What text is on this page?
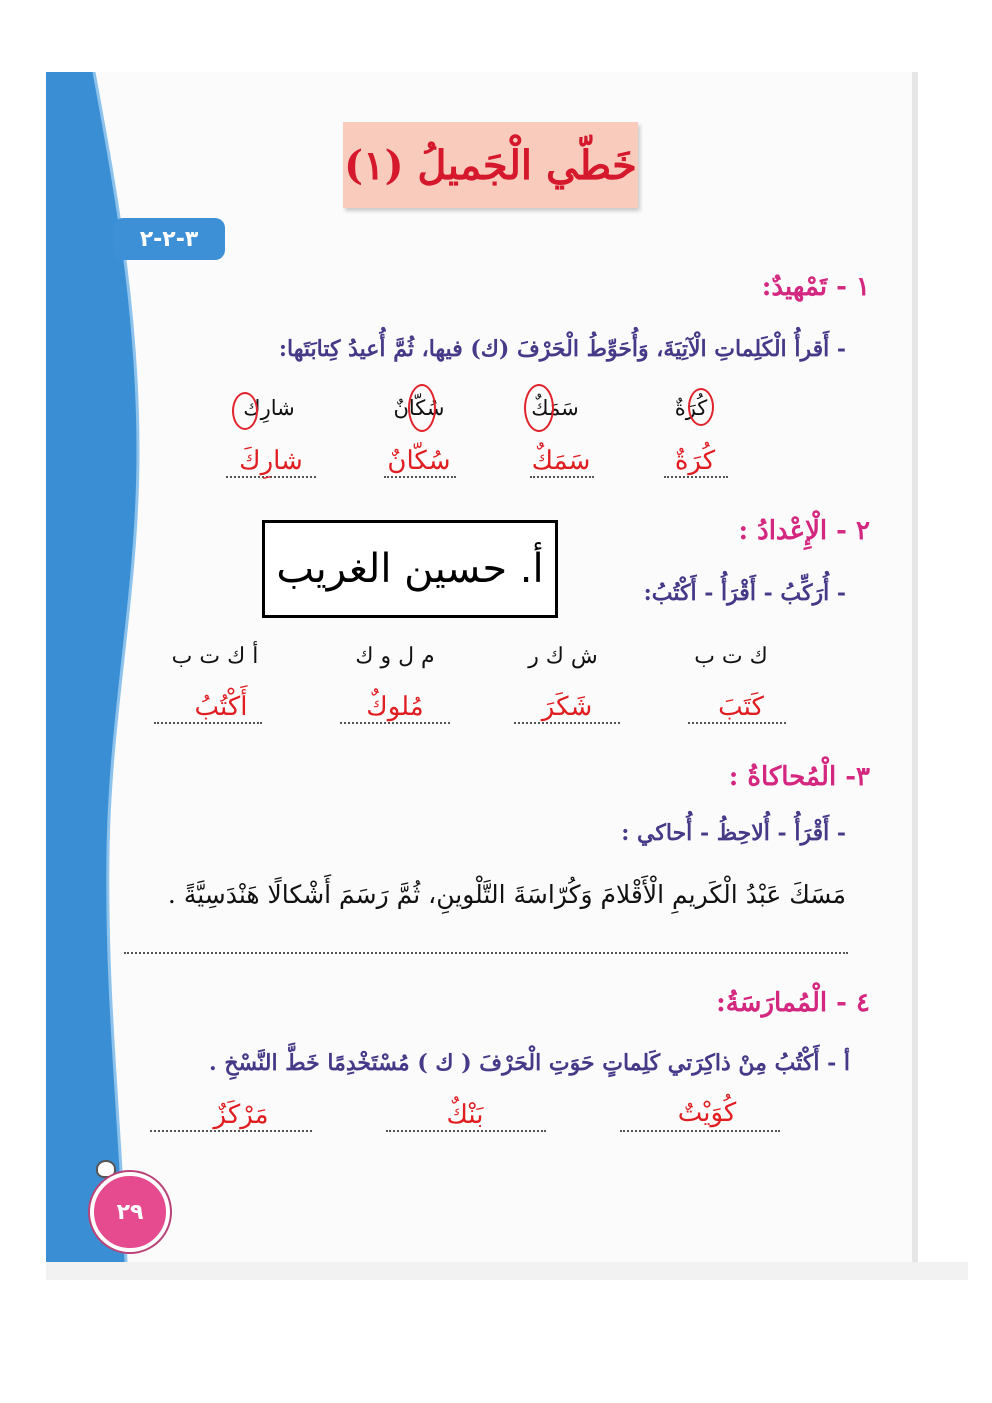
خَطّي الْجَميلُ (١)
٣-٢-٢
١ - تَمْهيدٌ:
- أَقرأُ الْكَلِماتِ الْآتِيَةَ، وَأُحَوِّطُ الْحَرْفَ (ك) فيها، ثُمَّ أُعيدُ كِتابَتَها:
كُرَةٌ
سَمَكٌ
سُكّانٌ
شارِك
كُرَةٌ
سَمَكٌ
سُكّانٌ
شارِكَ
٢ - الْإِعْدادُ :
- أُرَكِّبُ - أَقْرَأُ - أَكْتُبُ:
أ. حسين الغريب
ك ت ب
ش ك ر
م ل و ك
أ ك ت ب
كَتَبَ
شَكَرَ
مُلوكٌ
أَكْتُبُ
٣- الْمُحاكاةُ :
- أَقْرَأُ - أُلاحِظُ - أُحاكي :
مَسَكَ عَبْدُ الْكَريمِ الْأَقْلامَ وَكُرّاسَةَ التَّلْوينِ، ثُمَّ رَسَمَ أَشْكالًا هَنْدَسِيَّةً .
٤ - الْمُمارَسَةُ:
أ - أَكْتُبُ مِنْ ذاكِرَتي كَلِماتٍ حَوَتِ الْحَرْفَ ( ك ) مُسْتَخْدِمًا خَطَّ النَّسْخِ .
كُوَيْتٌ
بَنْكٌ
مَرْكَزٌ
٢٩
